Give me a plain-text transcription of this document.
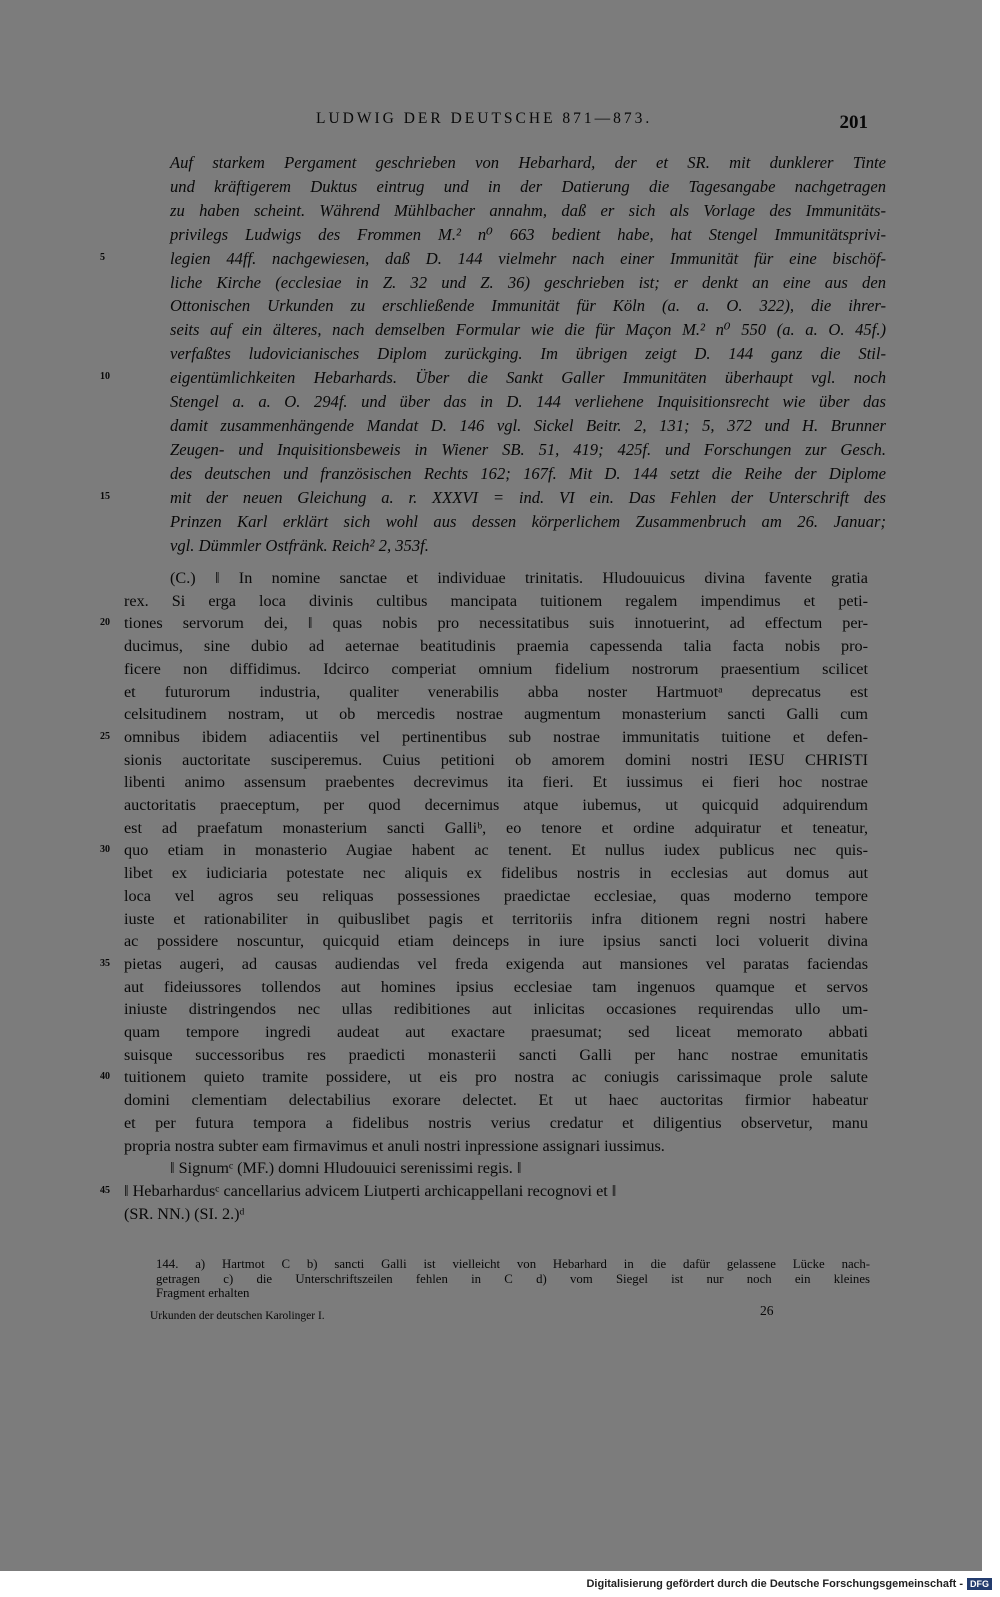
LUDWIG DER DEUTSCHE 871—873.	201
5
10
15
20
25
30
35
40
45
Auf starkem Pergament geschrieben von Hebarhard, der et SR. mit dunklerer Tinte
und kräftigerem Duktus eintrug und in der Datierung die Tagesangabe nachgetragen
zu haben scheint. Während Mühlbacher annahm, daß er sich als Vorlage des Immunitäts-
privilegs Ludwigs des Frommen M.² n⁰ 663 bedient habe, hat Stengel Immunitätsprivi-
legien 44ff. nachgewiesen, daß D. 144 vielmehr nach einer Immunität für eine bischöf-
liche Kirche (ecclesiae in Z. 32 und Z. 36) geschrieben ist; er denkt an eine aus den
Ottonischen Urkunden zu erschließende Immunität für Köln (a. a. O. 322), die ihrer-
seits auf ein älteres, nach demselben Formular wie die für Maçon M.² n⁰ 550 (a. a. O. 45f.)
verfaßtes ludovicianisches Diplom zurückging. Im übrigen zeigt D. 144 ganz die Stil-
eigentümlichkeiten Hebarhards. Über die Sankt Galler Immunitäten überhaupt vgl. noch
Stengel a. a. O. 294f. und über das in D. 144 verliehene Inquisitionsrecht wie über das
damit zusammenhängende Mandat D. 146 vgl. Sickel Beitr. 2, 131; 5, 372 und H. Brunner
Zeugen- und Inquisitionsbeweis in Wiener SB. 51, 419; 425f. und Forschungen zur Gesch.
des deutschen und französischen Rechts 162; 167f. Mit D. 144 setzt die Reihe der Diplome
mit der neuen Gleichung a. r. XXXVI = ind. VI ein. Das Fehlen der Unterschrift des
Prinzen Karl erklärt sich wohl aus dessen körperlichem Zusammenbruch am 26. Januar;
vgl. Dümmler Ostfränk. Reich² 2, 353f.
(C.) ‖ In nomine sanctae et individuae trinitatis. Hludouuicus divina favente gratia
rex. Si erga loca divinis cultibus mancipata tuitionem regalem impendimus et peti-
tiones servorum dei, ‖ quas nobis pro necessitatibus suis innotuerint, ad effectum per-
ducimus, sine dubio ad aeternae beatitudinis praemia capessenda talia facta nobis pro-
ficere non diffidimus. Idcirco comperiat omnium fidelium nostrorum praesentium scilicet
et futurorum industria, qualiter venerabilis abba noster Hartmuotᵃ deprecatus est
celsitudinem nostram, ut ob mercedis nostrae augmentum monasterium sancti Galli cum
omnibus ibidem adiacentiis vel pertinentibus sub nostrae immunitatis tuitione et defen-
sionis auctoritate susciperemus. Cuius petitioni ob amorem domini nostri IESU CHRISTI
libenti animo assensum praebentes decrevimus ita fieri. Et iussimus ei fieri hoc nostrae
auctoritatis praeceptum, per quod decernimus atque iubemus, ut quicquid adquirendum
est ad praefatum monasterium sancti Galliᵇ, eo tenore et ordine adquiratur et teneatur,
quo etiam in monasterio Augiae habent ac tenent. Et nullus iudex publicus nec quis-
libet ex iudiciaria potestate nec aliquis ex fidelibus nostris in ecclesias aut domus aut
loca vel agros seu reliquas possessiones praedictae ecclesiae, quas moderno tempore
iuste et rationabiliter in quibuslibet pagis et territoriis infra ditionem regni nostri habere
ac possidere noscuntur, quicquid etiam deinceps in iure ipsius sancti loci voluerit divina
pietas augeri, ad causas audiendas vel freda exigenda aut mansiones vel paratas faciendas
aut fideiussores tollendos aut homines ipsius ecclesiae tam ingenuos quamque et servos
iniuste distringendos nec ullas redibitiones aut inlicitas occasiones requirendas ullo um-
quam tempore ingredi audeat aut exactare praesumat; sed liceat memorato abbati
suisque successoribus res praedicti monasterii sancti Galli per hanc nostrae emunitatis
tuitionem quieto tramite possidere, ut eis pro nostra ac coniugis carissimaque prole salute
domini clementiam delectabilius exorare delectet. Et ut haec auctoritas firmior habeatur
et per futura tempora a fidelibus nostris verius credatur et diligentius observetur, manu
propria nostra subter eam firmavimus et anuli nostri inpressione assignari iussimus.
‖ Signumᶜ (MF.) domni Hludouuici serenissimi regis. ‖
‖ Hebarhardusᶜ cancellarius advicem Liutperti archicappellani recognovi et ‖
(SR. NN.) (SI. 2.)ᵈ
144. a) Hartmot C b) sancti Galli ist vielleicht von Hebarhard in die dafür gelassene Lücke nach-
getragen c) die Unterschriftszeilen fehlen in C d) vom Siegel ist nur noch ein kleines
Fragment erhalten
Urkunden der deutschen Karolinger I.	26
Digitalisierung gefördert durch die Deutsche Forschungsgemeinschaft - DFG
